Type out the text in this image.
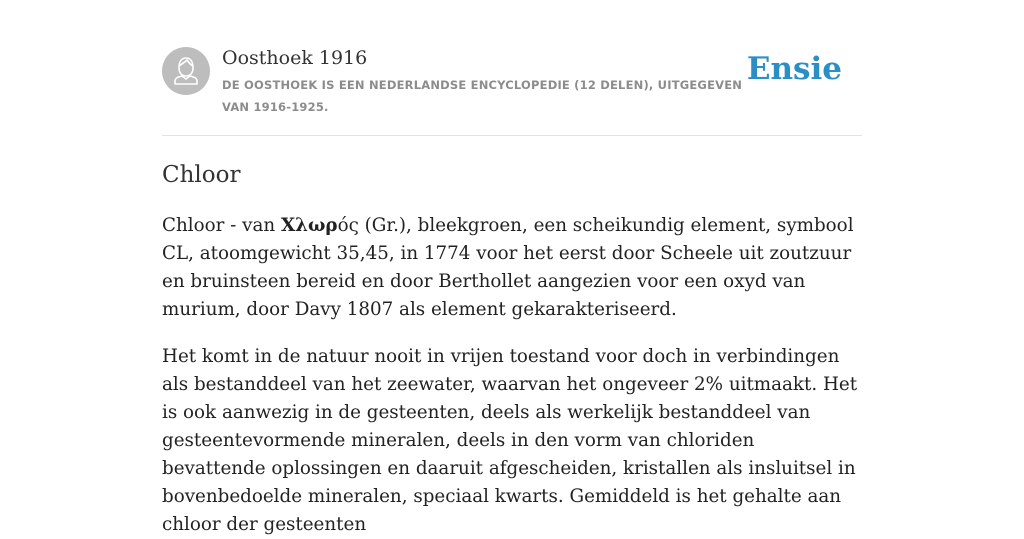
Oosthoek 1916
DE OOSTHOEK IS EEN NEDERLANDSE ENCYCLOPEDIE (12 DELEN), UITGEGEVEN VAN 1916-1925.
Ensie
Chloor

Chloor - van Χλωρóς (Gr.), bleekgroen, een scheikundig element, symbool CL, atoomgewicht 35,45, in 1774 voor het eerst door Scheele uit zoutzuur en bruinsteen bereid en door Berthollet aangezien voor een oxyd van murium, door Davy 1807 als element gekarakteriseerd.

Het komt in de natuur nooit in vrijen toestand voor doch in verbindingen als bestanddeel van het zeewater, waarvan het ongeveer 2% uitmaakt. Het is ook aanwezig in de gesteenten, deels als werkelijk bestanddeel van gesteentevormende mineralen, deels in den vorm van chloriden bevattende oplossingen en daaruit afgescheiden, kristallen als insluitsel in bovenbedoelde mineralen, speciaal kwarts. Gemiddeld is het gehalte aan chloor der gesteenten
